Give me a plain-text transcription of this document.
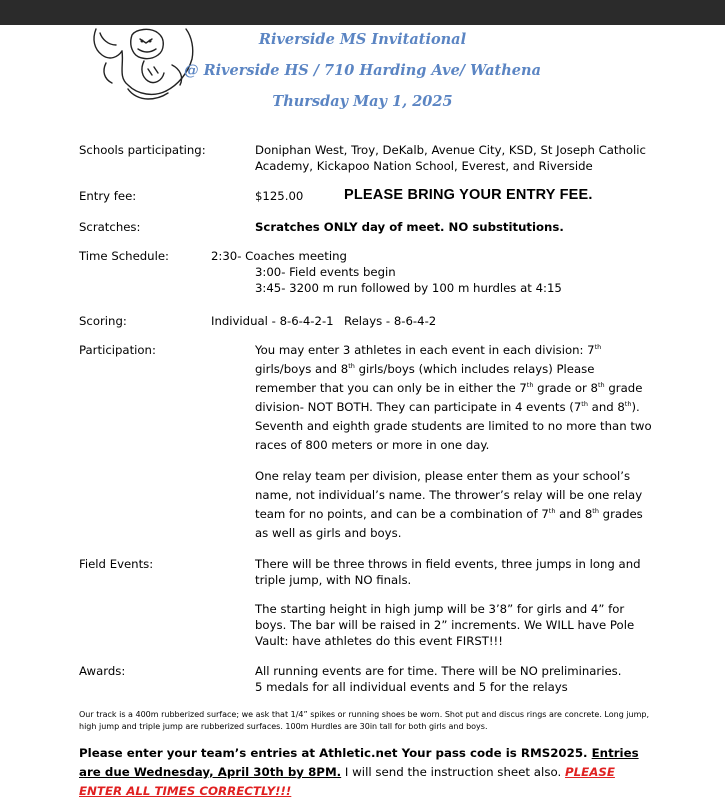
Riverside MS Invitational
@ Riverside HS / 710 Harding Ave/ Wathena
Thursday May 1, 2025
Schools participating:	Doniphan West, Troy, DeKalb, Avenue City, KSD, St Joseph Catholic Academy, Kickapoo Nation School, Everest, and Riverside
Entry fee:	$125.00	PLEASE BRING YOUR ENTRY FEE.
Scratches:	Scratches ONLY day of meet. NO substitutions.
Time Schedule:	2:30- Coaches meeting
3:00- Field events begin
3:45- 3200 m run followed by 100 m hurdles at 4:15
Scoring:	Individual - 8-6-4-2-1 Relays - 8-6-4-2
Participation:	You may enter 3 athletes in each event in each division: 7th girls/boys and 8th girls/boys (which includes relays) Please remember that you can only be in either the 7th grade or 8th grade division- NOT BOTH. They can participate in 4 events (7th and 8th). Seventh and eighth grade students are limited to no more than two races of 800 meters or more in one day.
One relay team per division, please enter them as your school’s name, not individual’s name. The thrower’s relay will be one relay team for no points, and can be a combination of 7th and 8th grades as well as girls and boys.
Field Events:	There will be three throws in field events, three jumps in long and triple jump, with NO finals.
The starting height in high jump will be 3’8” for girls and 4” for boys. The bar will be raised in 2” increments. We WILL have Pole Vault: have athletes do this event FIRST!!!
Awards:	All running events are for time. There will be NO preliminaries.
5 medals for all individual events and 5 for the relays
Our track is a 400m rubberized surface; we ask that 1/4” spikes or running shoes be worn. Shot put and discus rings are concrete. Long jump, high jump and triple jump are rubberized surfaces. 100m Hurdles are 30in tall for both girls and boys.
Please enter your team’s entries at Athletic.net Your pass code is RMS2025. Entries are due Wednesday, April 30th by 8PM. I will send the instruction sheet also. PLEASE ENTER ALL TIMES CORRECTLY!!!
